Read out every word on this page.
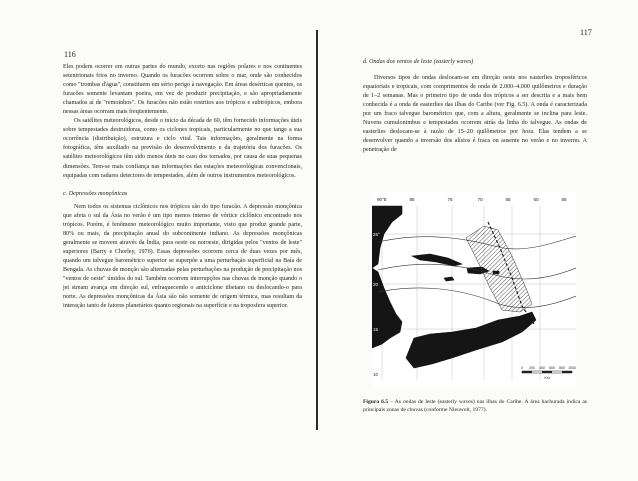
116

Eles podem ocorrer em outras partes do mundo, exceto nas regiões polares e nos continentes setentrionais frios no inverno. Quando os furacões ocorrem sobre o mar, onde são conhecidos como "trombas d'água", constituem um sério perigo à navegação. Em áreas desérticas quentes, os furacões somente levantam poeira, em vez de produzir precipitação, e são apropriadamente chamados aí de "remoinhos". Os furacões não estão restritos aos trópicos e subtrópicos, embora nessas áreas ocorram mais freqüentemente.

Os satélites meteorológicos, desde o início da década de 60, têm fornecido informações úteis sobre tempestades destruidoras, como os ciclones tropicais, particularmente no que tange a sua ocorrência (distribuição), estrutura e ciclo vital. Tais informações, geralmente na forma fotográfica, têm auxiliado na previsão do desenvolvimento e da trajetória dos furacões. Os satélites meteorológicos têm sido menos úteis no caso dos tornados, por causa de suas pequenas dimensões. Tem-se mais confiança nas informações das estações meteorológicas convencionais, equipadas com radares detectores de tempestades, além de outros instrumentos meteorológicos.

c. Depressões monçônicas

Nem todos os sistemas ciclônicos nos trópicos são do tipo furacão. A depressão monçônica que afeta o sul da Ásia no verão é um tipo menos intenso de vórtice ciclônico encontrado nos trópicos. Porém, é fenômeno meteorológico muito importante, visto que produz grande parte, 80% ou mais, da precipitação anual do subcontinente indiano. As depressões monçônicas geralmente se movem através da Índia, para oeste ou noroeste, dirigidas pelos "ventos de leste" superiores (Barry e Chorley, 1976). Essas depressões ocorrem cerca de duas vezes por mês, quando um talvegue barométrico superior se superpõe a uma perturbação superficial na Baía de Bengala. As chuvas de monção são alternadas pelas perturbações na produção de precipitação nos "ventos de oeste" úmidos do sul. Também ocorrem interrupções nas chuvas de monção quando o jet stream avança em direção sul, enfraquecendo o anticiclone tibetano ou deslocando-o para norte. As depressões monçônicas da Ásia são não somente de origem térmica, mas resultam da interação tanto de fatores planetários quanto regionais na superfície e na troposfera superior.

117

d. Ondas dos ventos de leste (easterly waves)

Diversos tipos de ondas deslocam-se em direção oeste nos easterlies troposféricos equatoriais e tropicais, com comprimentos de onda de 2.000–4.000 quilômetros e duração de 1–2 semanas. Mas o primeiro tipo de onda dos trópicos a ser descrita e a mais bem conhecida é a onda de easterlies das ilhas do Caribe (ver Fig. 6.5). A onda é caracterizada por um fraco talvegue barométrico que, com a altura, geralmente se inclina para leste. Nuvens cumulonimbus e tempestades ocorrem atrás da linha do talvegue. As ondas de easterlies deslocam-se à razão de 15–20 quilômetros por hora. Elas tendem a se desenvolver quando a inversão dos alísios é fraca ou ausente no verão e no inverno. A penetração de

90°E	85	75	70	65	60	55
25°
20
15
10
0 200 400 600 800 1000
Km
Figura 6.5 – As ondas de leste (easterly waves) nas ilhas do Caribe. A área hachurada indica as principais zonas de chuvas (conforme Nieuwolt, 1977).
